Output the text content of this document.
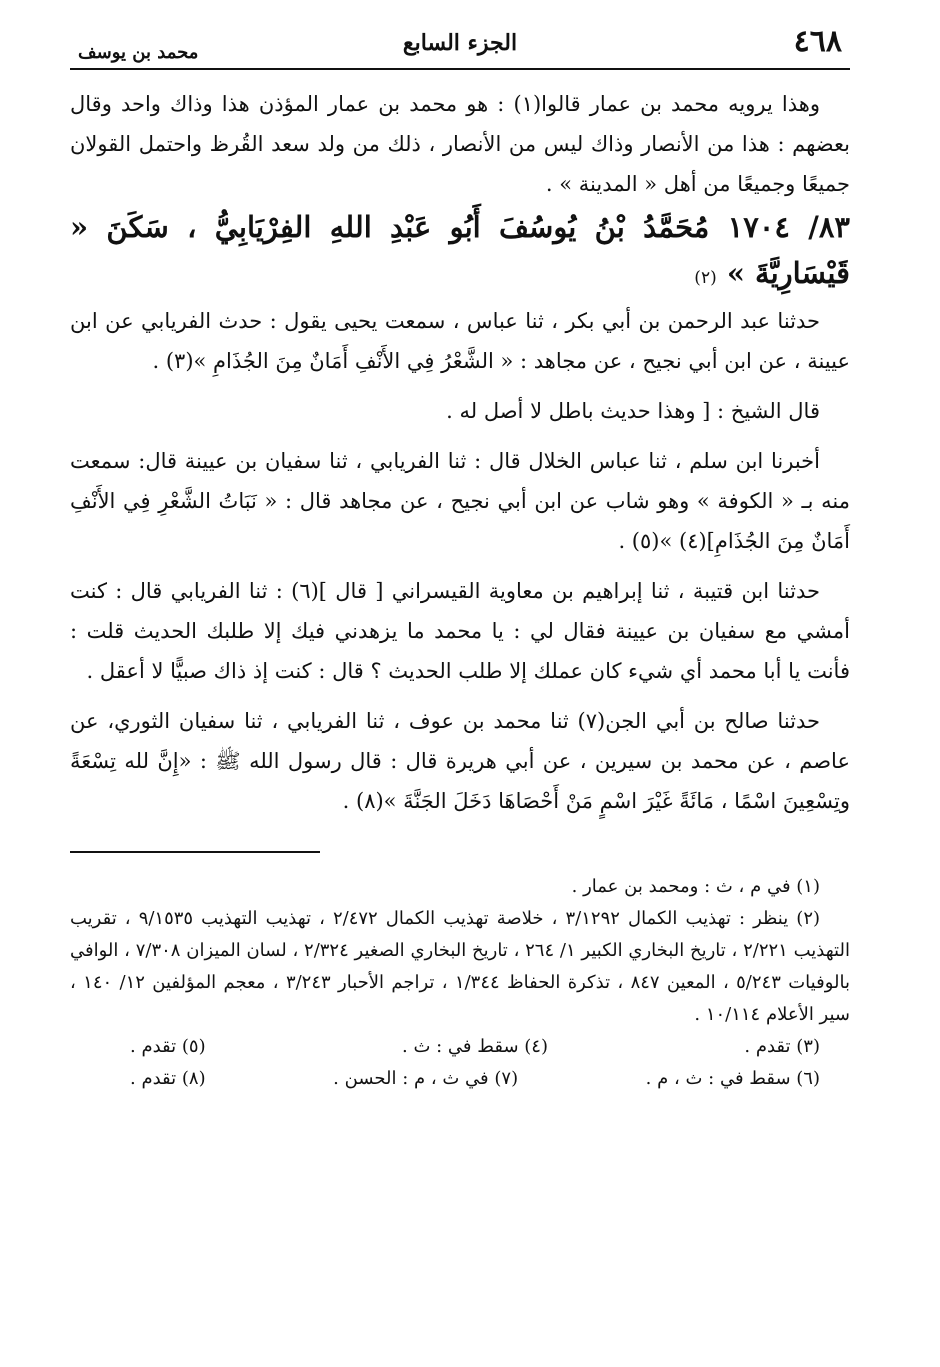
٤٦٨
الجزء السابع
محمد بن يوسف

وهذا يرويه محمد بن عمار قالوا(١) : هو محمد بن عمار المؤذن هذا وذاك واحد وقال بعضهم : هذا من الأنصار وذاك ليس من الأنصار ، ذلك من ولد سعد القُرظ واحتمل القولان جميعًا وجميعًا من أهل « المدينة » .

٨٣/ ١٧٠٤ مُحَمَّدُ بْنُ يُوسُفَ أَبُو عَبْدِ اللهِ الفِرْيَابِيُّ ، سَكَنَ « قَيْسَارِيَّةَ » (٢)

حدثنا عبد الرحمن بن أبي بكر ، ثنا عباس ، سمعت يحيى يقول : حدث الفريابي عن ابن عيينة ، عن ابن أبي نجيح ، عن مجاهد : « الشَّعْرُ فِي الأَنْفِ أَمَانٌ مِنَ الجُذَامِ »(٣) .

قال الشيخ : [ وهذا حديث باطل لا أصل له .

أخبرنا ابن سلم ، ثنا عباس الخلال قال : ثنا الفريابي ، ثنا سفيان بن عيينة قال: سمعت منه بـ « الكوفة » وهو شاب عن ابن أبي نجيح ، عن مجاهد قال : « نَبَاتُ الشَّعْرِ فِي الأَنْفِ أَمَانٌ مِنَ الجُذَامِ](٤) »(٥) .

حدثنا ابن قتيبة ، ثنا إبراهيم بن معاوية القيسراني [ قال ](٦) : ثنا الفريابي قال : كنت أمشي مع سفيان بن عيينة فقال لي : يا محمد ما يزهدني فيك إلا طلبك الحديث قلت : فأنت يا أبا محمد أي شيء كان عملك إلا طلب الحديث ؟ قال : كنت إذ ذاك صبيًّا لا أعقل .

حدثنا صالح بن أبي الجن(٧) ثنا محمد بن عوف ، ثنا الفريابي ، ثنا سفيان الثوري، عن عاصم ، عن محمد بن سيرين ، عن أبي هريرة قال : قال رسول الله ﷺ : «إِنَّ لله تِسْعَةً وتِسْعِينَ اسْمًا ، مَائَةً غَيْرَ اسْمٍ مَنْ أَحْصَاهَا دَخَلَ الجَنَّةَ »(٨) .

(١) في م ، ث : ومحمد بن عمار .

(٢) ينظر : تهذيب الكمال ٣/١٢٩٢ ، خلاصة تهذيب الكمال ٢/٤٧٢ ، تهذيب التهذيب ٩/١٥٣٥ ، تقريب التهذيب ٢/٢٢١ ، تاريخ البخاري الكبير ١/ ٢٦٤ ، تاريخ البخاري الصغير ٢/٣٢٤ ، لسان الميزان ٧/٣٠٨ ، الوافي بالوفيات ٥/٢٤٣ ، المعين ٨٤٧ ، تذكرة الحفاظ ١/٣٤٤ ، تراجم الأحبار ٣/٢٤٣ ، معجم المؤلفين ١٢/ ١٤٠ ، سير الأعلام ١٠/١١٤ .

(٣) تقدم .
(٤) سقط في : ث .
(٥) تقدم .
(٦) سقط في : ث ، م .
(٧) في ث ، م : الحسن .
(٨) تقدم .
